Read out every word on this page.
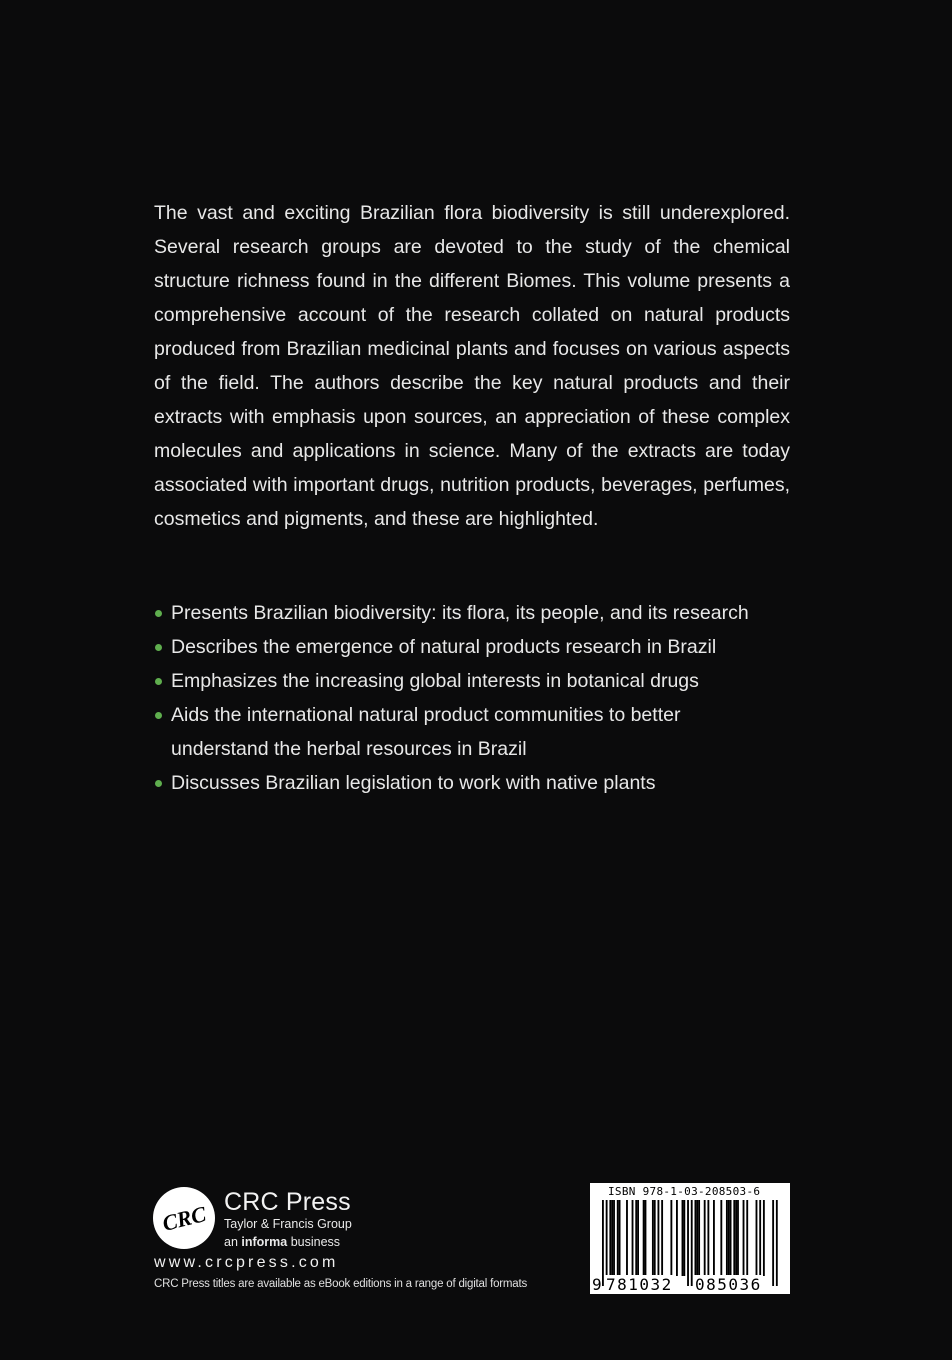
The vast and exciting Brazilian flora biodiversity is still underexplored. Several research groups are devoted to the study of the chemical structure richness found in the different Biomes. This volume presents a comprehensive account of the research collated on natural products produced from Brazilian medicinal plants and focuses on various aspects of the field. The authors describe the key natural products and their extracts with emphasis upon sources, an appreciation of these complex molecules and applications in science. Many of the extracts are today associated with important drugs, nutrition products, beverages, perfumes, cosmetics and pigments, and these are highlighted.

Presents Brazilian biodiversity: its flora, its people, and its research
Describes the emergence of natural products research in Brazil
Emphasizes the increasing global interests in botanical drugs
Aids the international natural product communities to better understand the herbal resources in Brazil
Discusses Brazilian legislation to work with native plants
CRC CRC Press
Taylor & Francis Group
an informa business
www.crcpress.com
CRC Press titles are available as eBook editions in a range of digital formats
ISBN 978-1-03-208503-6
9 781032 085036
